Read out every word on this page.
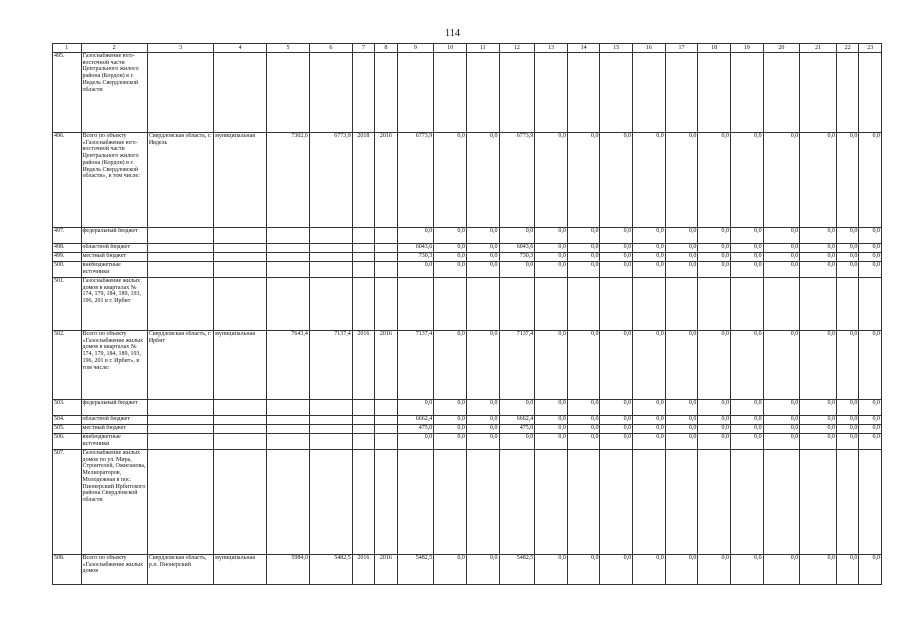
114
1	2	3	4	5	6	7	8	9	10	11	12	13	14	15	16	17	18	19	20	21	22	23
495.	Газоснабжение юго-восточной части Центрального жилого района (Кордон) в г. Ивдель Свердловской области																					
496.	Всего по объекту «Газоснабжение юго-восточной части Центрального жилого района (Кордон) в г. Ивдель Свердловской области», в том числе:	Свердловская область, г. Ивдель	муниципальная	7302,6	6773,9	2018	2016	6773,9	0,0	0,0	6773,9	0,0	0,0	0,0	0,0	0,0	0,0	0,0	0,0	0,0	0,0	0,0
497.	федеральный бюджет							0,0	0,0	0,0	0,0	0,0	0,0	0,0	0,0	0,0	0,0	0,0	0,0	0,0	0,0	0,0
498.	областной бюджет							6043,6	0,0	0,0	6043,6	0,0	0,0	0,0	0,0	0,0	0,0	0,0	0,0	0,0	0,0	0,0
499.	местный бюджет							730,3	0,0	0,0	730,3	0,0	0,0	0,0	0,0	0,0	0,0	0,0	0,0	0,0	0,0	0,0
500.	внебюджетные источники							0,0	0,0	0,0	0,0	0,0	0,0	0,0	0,0	0,0	0,0	0,0	0,0	0,0	0,0	0,0
501.	Газоснабжение жилых домов в кварталах № 174, 179, 184, 189, 193, 196, 201 в г. Ирбит																					
502.	Всего по объекту «Газоснабжение жилых домов в кварталах № 174, 179, 184, 189, 193, 196, 201 в г. Ирбит», в том числе:	Свердловская область, г. Ирбит	муниципальная	7643,4	7137,4	2016	2016	7137,4	0,0	0,0	7137,4	0,0	0,0	0,0	0,0	0,0	0,0	0,0	0,0	0,0	0,0	0,0
503.	федеральный бюджет							0,0	0,0	0,0	0,0	0,0	0,0	0,0	0,0	0,0	0,0	0,0	0,0	0,0	0,0	0,0
504.	областной бюджет							6662,4	0,0	0,0	6662,4	0,0	0,0	0,0	0,0	0,0	0,0	0,0	0,0	0,0	0,0	0,0
505.	местный бюджет							475,0	0,0	0,0	475,0	0,0	0,0	0,0	0,0	0,0	0,0	0,0	0,0	0,0	0,0	0,0
506.	внебюджетные источники							0,0	0,0	0,0	0,0	0,0	0,0	0,0	0,0	0,0	0,0	0,0	0,0	0,0	0,0	0,0
507.	Газоснабжение жилых домов по ул. Мира, Строителей, Ожиганова, Мелиораторов, Молодежная в пос. Пионерский Ирбитского района Свердловской области																					
508.	Всего по объекту «Газоснабжение жилых домов	Свердловская область, р.п. Пионерский	муниципальная	5984,0	5482,5	2016	2016	5482,5	0,0	0,0	5482,5	0,0	0,0	0,0	0,0	0,0	0,0	0,0	0,0	0,0	0,0	0,0
